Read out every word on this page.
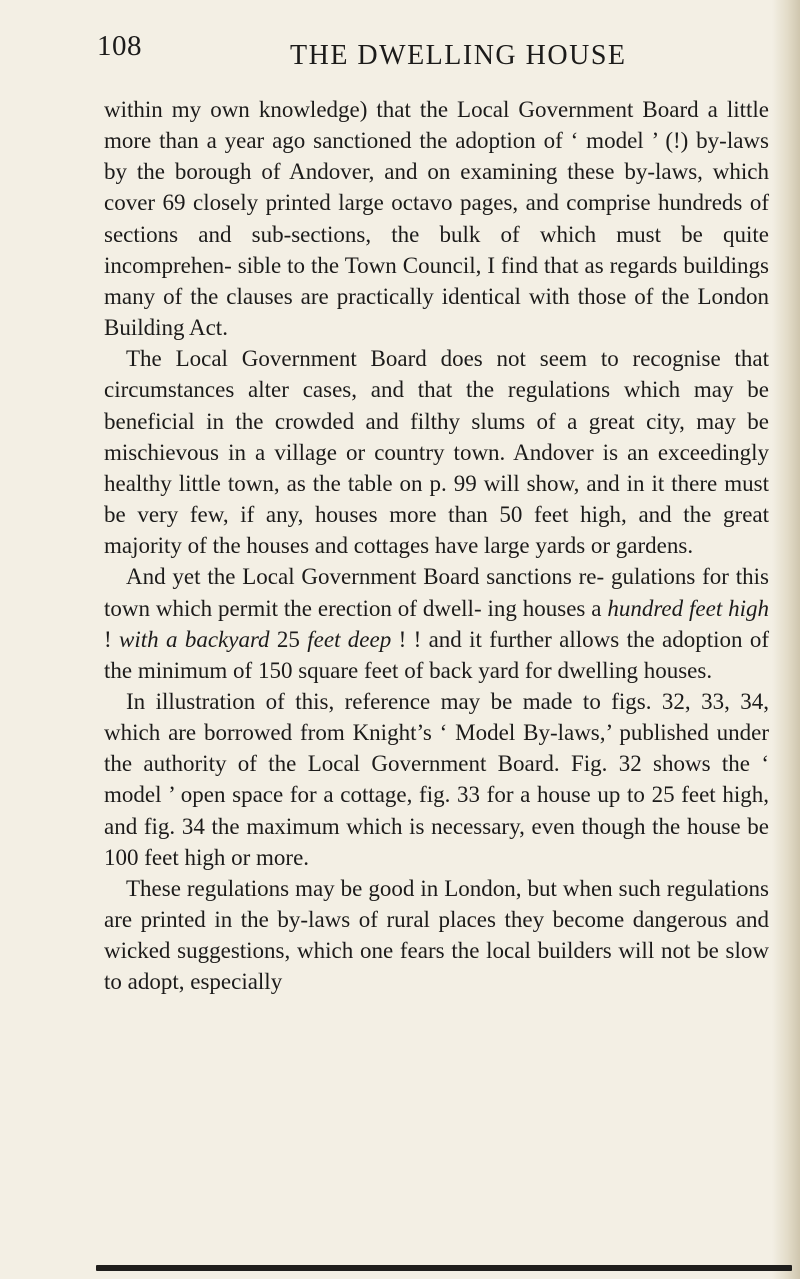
108	THE DWELLING HOUSE

within my own knowledge) that the Local Government Board a little more than a year ago sanctioned the adoption of ‘ model ’ (!) by-laws by the borough of Andover, and on examining these by-laws, which cover 69 closely printed large octavo pages, and comprise hundreds of sections and sub-sections, the bulk of which must be quite incomprehen- sible to the Town Council, I find that as regards buildings many of the clauses are practically identical with those of the London Building Act.

The Local Government Board does not seem to recognise that circumstances alter cases, and that the regulations which may be beneficial in the crowded and filthy slums of a great city, may be mischievous in a village or country town. Andover is an exceedingly healthy little town, as the table on p. 99 will show, and in it there must be very few, if any, houses more than 50 feet high, and the great majority of the houses and cottages have large yards or gardens.

And yet the Local Government Board sanctions re- gulations for this town which permit the erection of dwell- ing houses a hundred feet high ! with a backyard 25 feet deep ! ! and it further allows the adoption of the minimum of 150 square feet of back yard for dwelling houses.

In illustration of this, reference may be made to figs. 32, 33, 34, which are borrowed from Knight’s ‘ Model By-laws,’ published under the authority of the Local Government Board. Fig. 32 shows the ‘ model ’ open space for a cottage, fig. 33 for a house up to 25 feet high, and fig. 34 the maximum which is necessary, even though the house be 100 feet high or more.

These regulations may be good in London, but when such regulations are printed in the by-laws of rural places they become dangerous and wicked suggestions, which one fears the local builders will not be slow to adopt, especially
